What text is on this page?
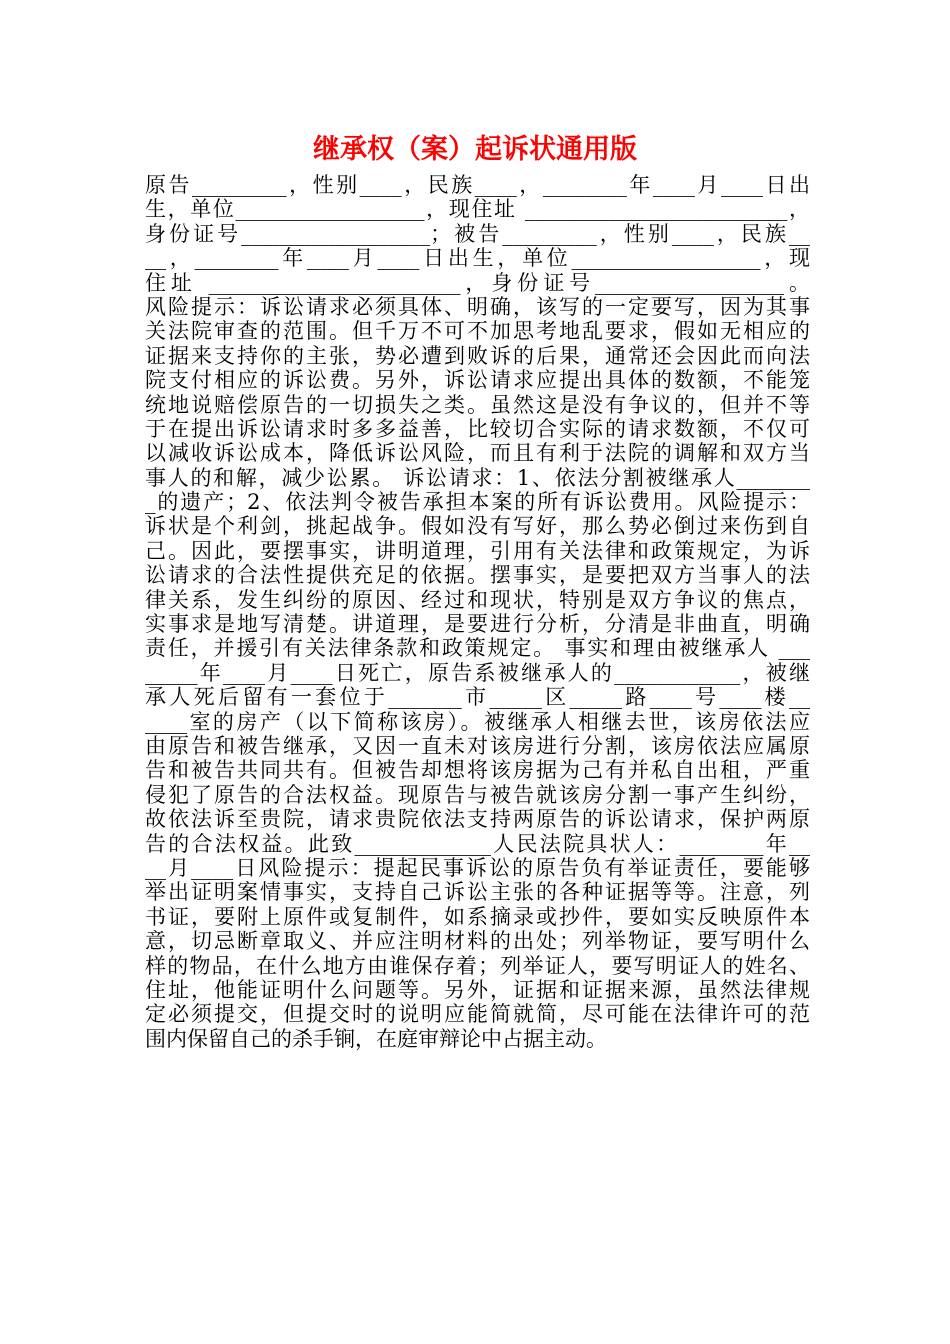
继承权（案）起诉状通用版
原告_________，性别____，民族____，________年____月____日出
生，单位__________________，现住址 _________________________，
身份证号__________________；被告_________，性别____，民族__
__，________年____月____日出生，单位__________________，现
住址 ________________________，身份证号__________________。
风险提示：诉讼请求必须具体、明确，该写的一定要写，因为其事
关法院审查的范围。但千万不可不加思考地乱要求，假如无相应的
证据来支持你的主张，势必遭到败诉的后果，通常还会因此而向法
院支付相应的诉讼费。另外，诉讼请求应提出具体的数额，不能笼
统地说赔偿原告的一切损失之类。虽然这是没有争议的，但并不等
于在提出诉讼请求时多多益善，比较切合实际的请求数额，不仅可
以减收诉讼成本，降低诉讼风险，而且有利于法院的调解和双方当
事人的和解，减少讼累。 诉讼请求：1、依法分割被继承人_______
_的遗产；2、依法判令被告承担本案的所有诉讼费用。风险提示：
诉状是个利剑，挑起战争。假如没有写好，那么势必倒过来伤到自
己。因此，要摆事实，讲明道理，引用有关法律和政策规定，为诉
讼请求的合法性提供充足的依据。摆事实，是要把双方当事人的法
律关系，发生纠纷的原因、经过和现状，特别是双方争议的焦点，
实事求是地写清楚。讲道理，是要进行分析，分清是非曲直，明确
责任，并援引有关法律条款和政策规定。 事实和理由被继承人 ___
_____年____月____日死亡，原告系被继承人的____________，被继
承人死后留有一套位于_______市_____区_____路____号____楼__
____室的房产（以下简称该房）。被继承人相继去世，该房依法应
由原告和被告继承，又因一直未对该房进行分割，该房依法应属原
告和被告共同共有。但被告却想将该房据为己有并私自出租，严重
侵犯了原告的合法权益。现原告与被告就该房分割一事产生纠纷，
故依法诉至贵院，请求贵院依法支持两原告的诉讼请求，保护两原
告的合法权益。此致_____________人民法院具状人：________年__
__月____日风险提示：提起民事诉讼的原告负有举证责任，要能够
举出证明案情事实，支持自己诉讼主张的各种证据等等。注意，列
书证，要附上原件或复制件，如系摘录或抄件，要如实反映原件本
意，切忌断章取义、并应注明材料的出处；列举物证，要写明什么
样的物品，在什么地方由谁保存着；列举证人，要写明证人的姓名、
住址，他能证明什么问题等。另外，证据和证据来源，虽然法律规
定必须提交，但提交时的说明应能简就简，尽可能在法律许可的范
围内保留自己的杀手锏，在庭审辩论中占据主动。
